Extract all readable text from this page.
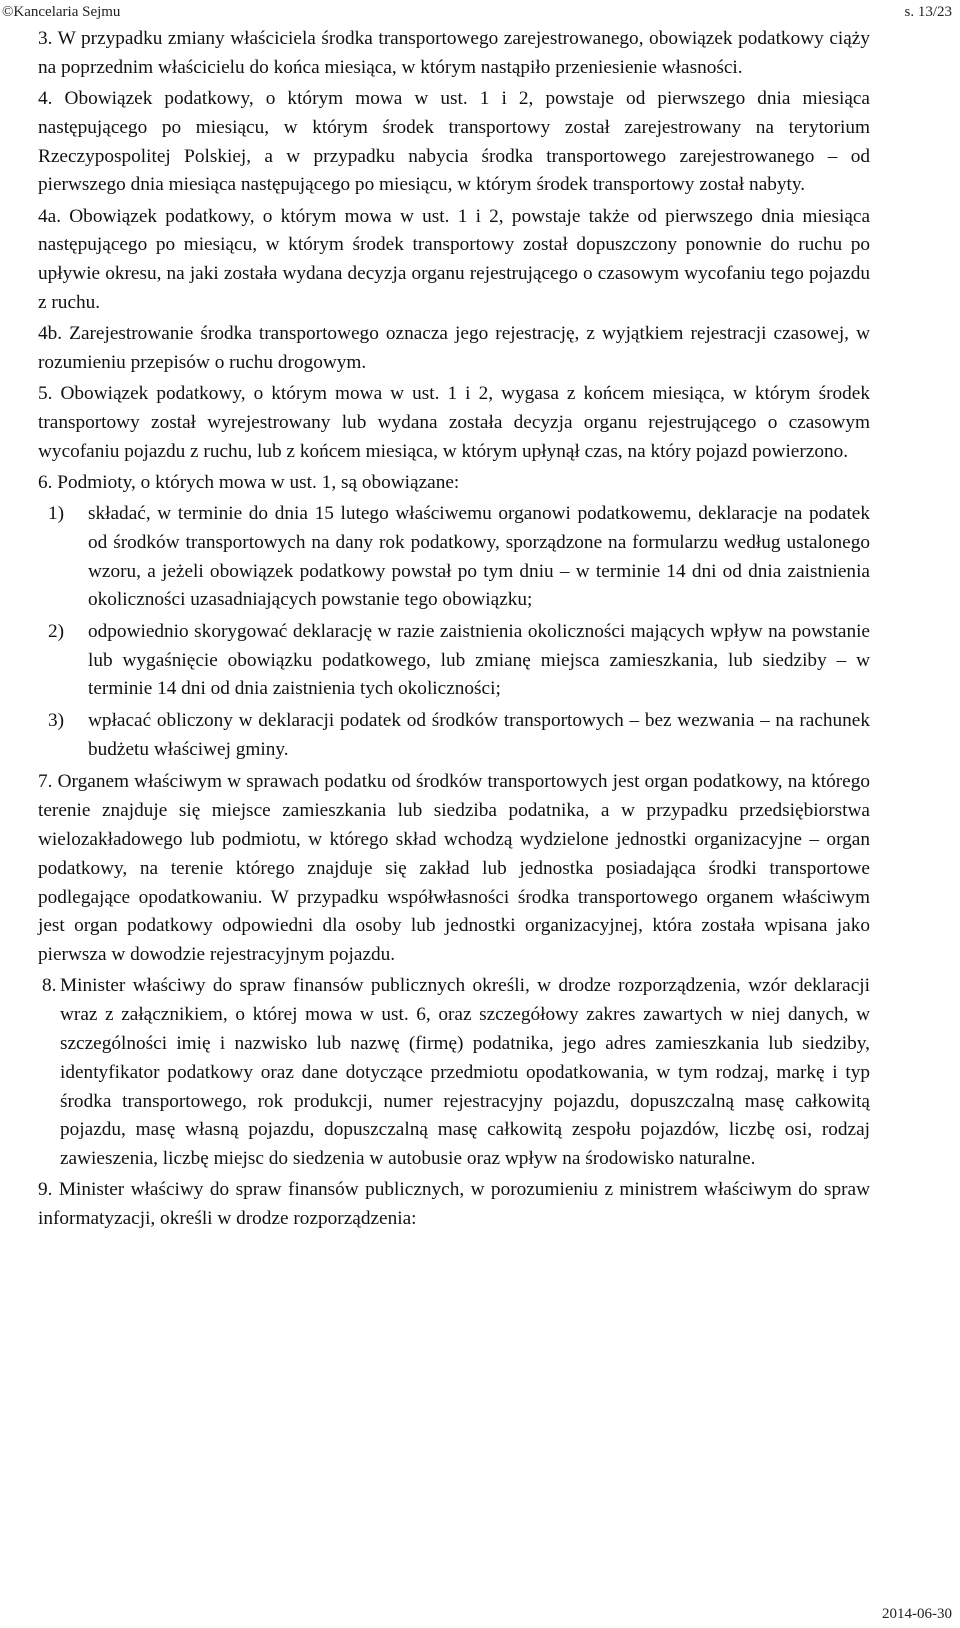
©Kancelaria Sejmu	s. 13/23

3. W przypadku zmiany właściciela środka transportowego zarejestrowanego, obowiązek podatkowy ciąży na poprzednim właścicielu do końca miesiąca, w którym nastąpiło przeniesienie własności.

4. Obowiązek podatkowy, o którym mowa w ust. 1 i 2, powstaje od pierwszego dnia miesiąca następującego po miesiącu, w którym środek transportowy został zarejestrowany na terytorium Rzeczypospolitej Polskiej, a w przypadku nabycia środka transportowego zarejestrowanego – od pierwszego dnia miesiąca następującego po miesiącu, w którym środek transportowy został nabyty.

4a. Obowiązek podatkowy, o którym mowa w ust. 1 i 2, powstaje także od pierwszego dnia miesiąca następującego po miesiącu, w którym środek transportowy został dopuszczony ponownie do ruchu po upływie okresu, na jaki została wydana decyzja organu rejestrującego o czasowym wycofaniu tego pojazdu z ruchu.

4b. Zarejestrowanie środka transportowego oznacza jego rejestrację, z wyjątkiem rejestracji czasowej, w rozumieniu przepisów o ruchu drogowym.

5. Obowiązek podatkowy, o którym mowa w ust. 1 i 2, wygasa z końcem miesiąca, w którym środek transportowy został wyrejestrowany lub wydana została decyzja organu rejestrującego o czasowym wycofaniu pojazdu z ruchu, lub z końcem miesiąca, w którym upłynął czas, na który pojazd powierzono.

6. Podmioty, o których mowa w ust. 1, są obowiązane:

1) składać, w terminie do dnia 15 lutego właściwemu organowi podatkowemu, deklaracje na podatek od środków transportowych na dany rok podatkowy, sporządzone na formularzu według ustalonego wzoru, a jeżeli obowiązek podatkowy powstał po tym dniu – w terminie 14 dni od dnia zaistnienia okoliczności uzasadniających powstanie tego obowiązku;
2) odpowiednio skorygować deklarację w razie zaistnienia okoliczności mających wpływ na powstanie lub wygaśnięcie obowiązku podatkowego, lub zmianę miejsca zamieszkania, lub siedziby – w terminie 14 dni od dnia zaistnienia tych okoliczności;
3) wpłacać obliczony w deklaracji podatek od środków transportowych – bez wezwania – na rachunek budżetu właściwej gminy.

7. Organem właściwym w sprawach podatku od środków transportowych jest organ podatkowy, na którego terenie znajduje się miejsce zamieszkania lub siedziba podatnika, a w przypadku przedsiębiorstwa wielozakładowego lub podmiotu, w którego skład wchodzą wydzielone jednostki organizacyjne – organ podatkowy, na terenie którego znajduje się zakład lub jednostka posiadająca środki transportowe podlegające opodatkowaniu. W przypadku współwłasności środka transportowego organem właściwym jest organ podatkowy odpowiedni dla osoby lub jednostki organizacyjnej, która została wpisana jako pierwsza w dowodzie rejestracyjnym pojazdu.

8. Minister właściwy do spraw finansów publicznych określi, w drodze rozporządzenia, wzór deklaracji wraz z załącznikiem, o której mowa w ust. 6, oraz szczegółowy zakres zawartych w niej danych, w szczególności imię i nazwisko lub nazwę (firmę) podatnika, jego adres zamieszkania lub siedziby, identyfikator podatkowy oraz dane dotyczące przedmiotu opodatkowania, w tym rodzaj, markę i typ środka transportowego, rok produkcji, numer rejestracyjny pojazdu, dopuszczalną masę całkowitą pojazdu, masę własną pojazdu, dopuszczalną masę całkowitą zespołu pojazdów, liczbę osi, rodzaj zawieszenia, liczbę miejsc do siedzenia w autobusie oraz wpływ na środowisko naturalne.

9. Minister właściwy do spraw finansów publicznych, w porozumieniu z ministrem właściwym do spraw informatyzacji, określi w drodze rozporządzenia:

2014-06-30
